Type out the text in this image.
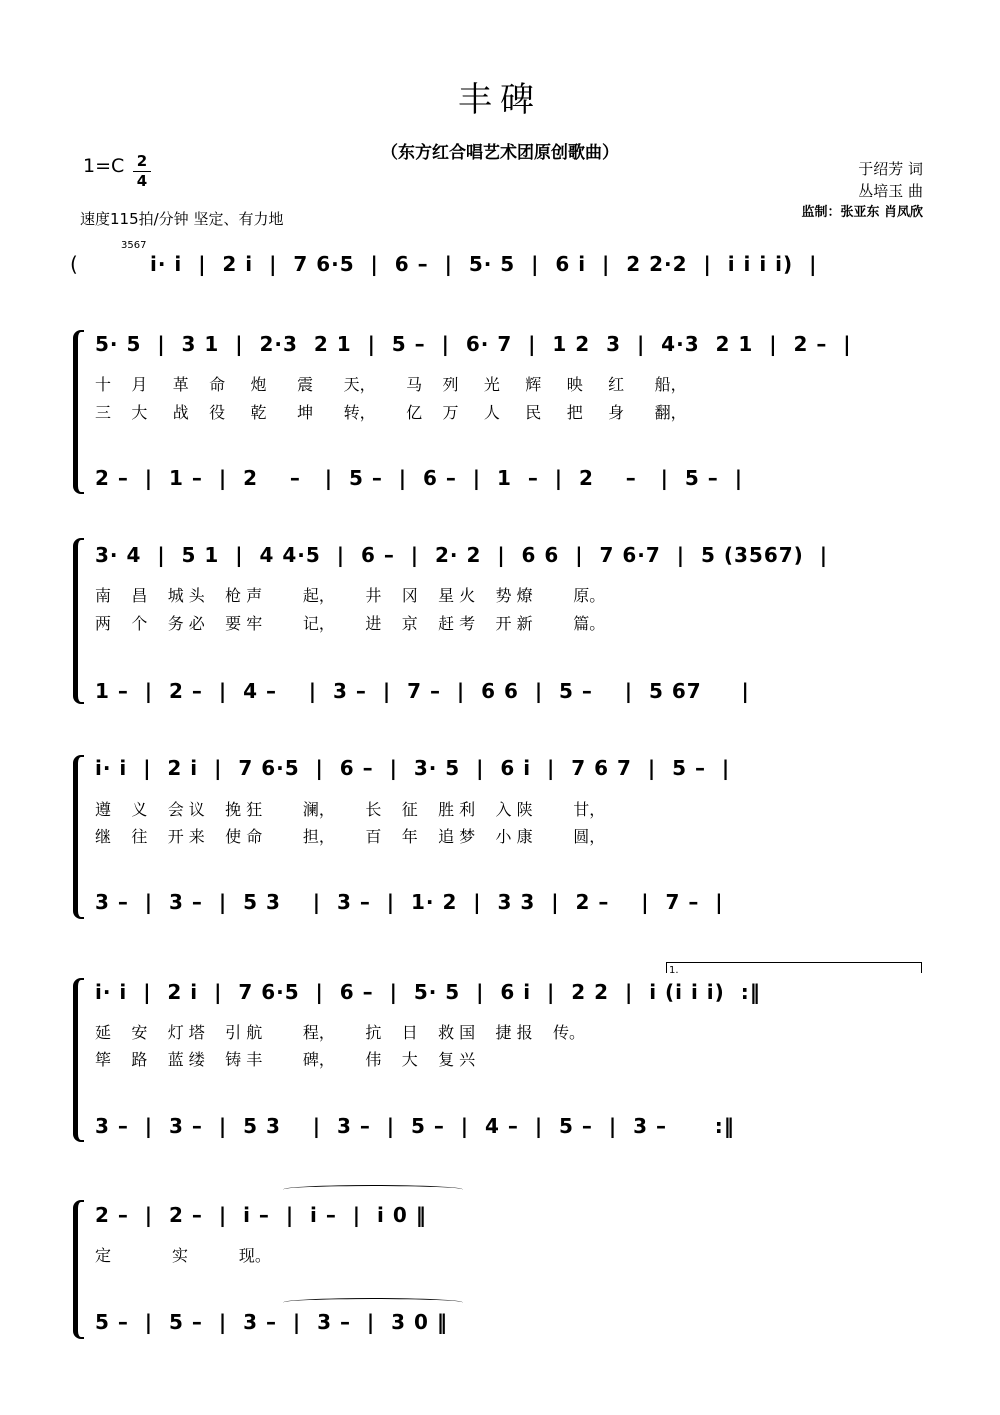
丰碑
（东方红合唱艺术团原创歌曲）
1=C 2
4
速度115拍/分钟 坚定、有力地
于绍芳 词
丛培玉 曲
监制：张亚东 肖凤欣
(
3567
i· i  |  2 i  |  7 6·5  |  6 –  |  5· 5  |  6 i  |  2 2·2  |  i i i i)  |
5· 5  |  3 1  |  2·3  2 1  |  5 –  |  6· 7  |  1 2  3  |  4·3  2 1  |  2 –  |
十    月     革    命     炮      震      天，      马    列     光     辉     映     红      船，
三    大     战    役     乾      坤      转，      亿    万     人     民     把     身      翻，
2 –  |  1 –  |  2    –   |  5 –  |  6 –  |  1  –  |  2    –   |  5 –  |
3· 4  |  5 1  |  4 4·5  |  6 –  |  2· 2  |  6 6  |  7 6·7  |  5 (3567)  |
南    昌    城 头    枪 声        起，      井    冈    星 火    势 燎        原。
两    个    务 必    要 牢        记，      进    京    赶 考    开 新        篇。
1 –  |  2 –  |  4 –    |  3 –  |  7 –  |  6 6  |  5 –    |  5 67     |
i· i  |  2 i  |  7 6·5  |  6 –  |  3· 5  |  6 i  |  7 6 7  |  5 –  |
遵    义    会 议    挽 狂        澜，      长    征    胜 利    入 陕        甘，
继    往    开 来    使 命        担，      百    年    追 梦    小 康        圆，
3 –  |  3 –  |  5 3    |  3 –  |  1· 2  |  3 3  |  2 –    |  7 –  |
1.
i· i  |  2 i  |  7 6·5  |  6 –  |  5· 5  |  6 i  |  2 2  |  i (i i i)  :‖
延    安    灯 塔    引 航        程，      抗    日    救 国    捷 报    传。
筚    路    蓝 缕    铸 丰        碑，      伟    大    复 兴
3 –  |  3 –  |  5 3    |  3 –  |  5 –  |  4 –  |  5 –  |  3 –      :‖
2 –  |  2 –  |  i –  |  i –  |  i 0 ‖
定            实          现。
5 –  |  5 –  |  3 –  |  3 –  |  3 0 ‖
